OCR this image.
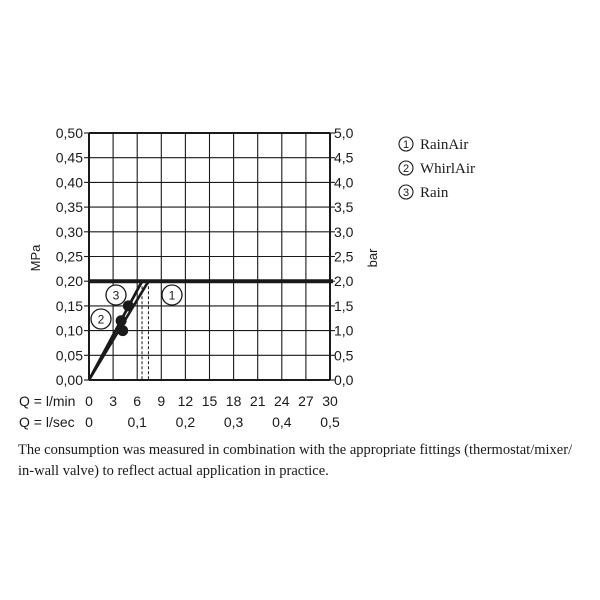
0,00
0,05
0,10
0,15
0,20
0,25
0,30
0,35
0,40
0,45
0,50
0,0
0,5
1,0
1,5
2,0
2,5
3,0
3,5
4,0
4,5
5,0
0 3 6 9 12 15 18 21 24 27 30
0 0,1 0,2 0,3 0,4 0,5
MPa	bar
Q = l/min
Q = l/sec
1
2
3
1 RainAir
2 WhirlAir
3 Rain
The consumption was measured in combination with the appropriate fittings (thermostat/mixer/ in-wall valve) to reflect actual application in practice.
